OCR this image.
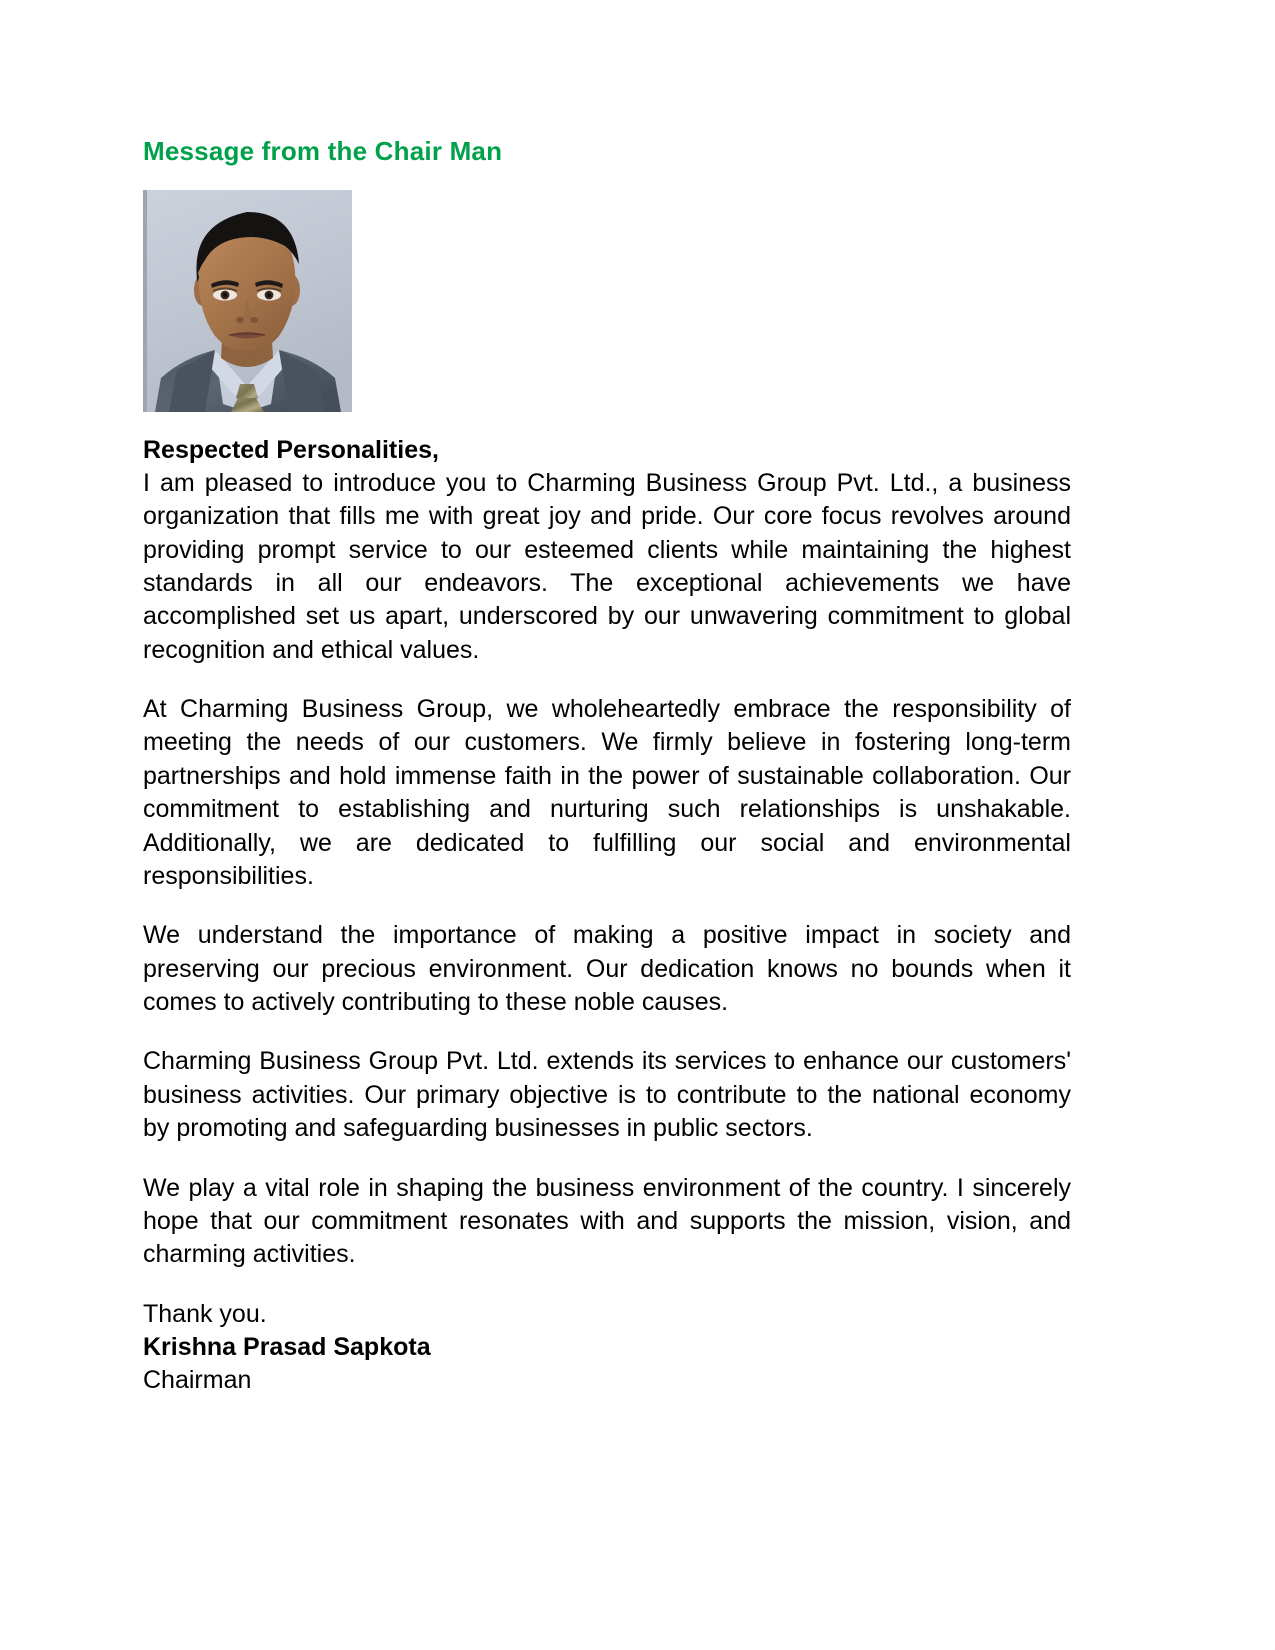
Message from the Chair Man
Respected Personalities,

I am pleased to introduce you to Charming Business Group Pvt. Ltd., a business organization that fills me with great joy and pride. Our core focus revolves around providing prompt service to our esteemed clients while maintaining the highest standards in all our endeavors. The exceptional achievements we have accomplished set us apart, underscored by our unwavering commitment to global recognition and ethical values.

At Charming Business Group, we wholeheartedly embrace the responsibility of meeting the needs of our customers. We firmly believe in fostering long-term partnerships and hold immense faith in the power of sustainable collaboration. Our commitment to establishing and nurturing such relationships is unshakable. Additionally, we are dedicated to fulfilling our social and environmental responsibilities.

We understand the importance of making a positive impact in society and preserving our precious environment. Our dedication knows no bounds when it comes to actively contributing to these noble causes.

Charming Business Group Pvt. Ltd. extends its services to enhance our customers' business activities. Our primary objective is to contribute to the national economy by promoting and safeguarding businesses in public sectors.

We play a vital role in shaping the business environment of the country. I sincerely hope that our commitment resonates with and supports the mission, vision, and charming activities.

Thank you.
Krishna Prasad Sapkota
Chairman
